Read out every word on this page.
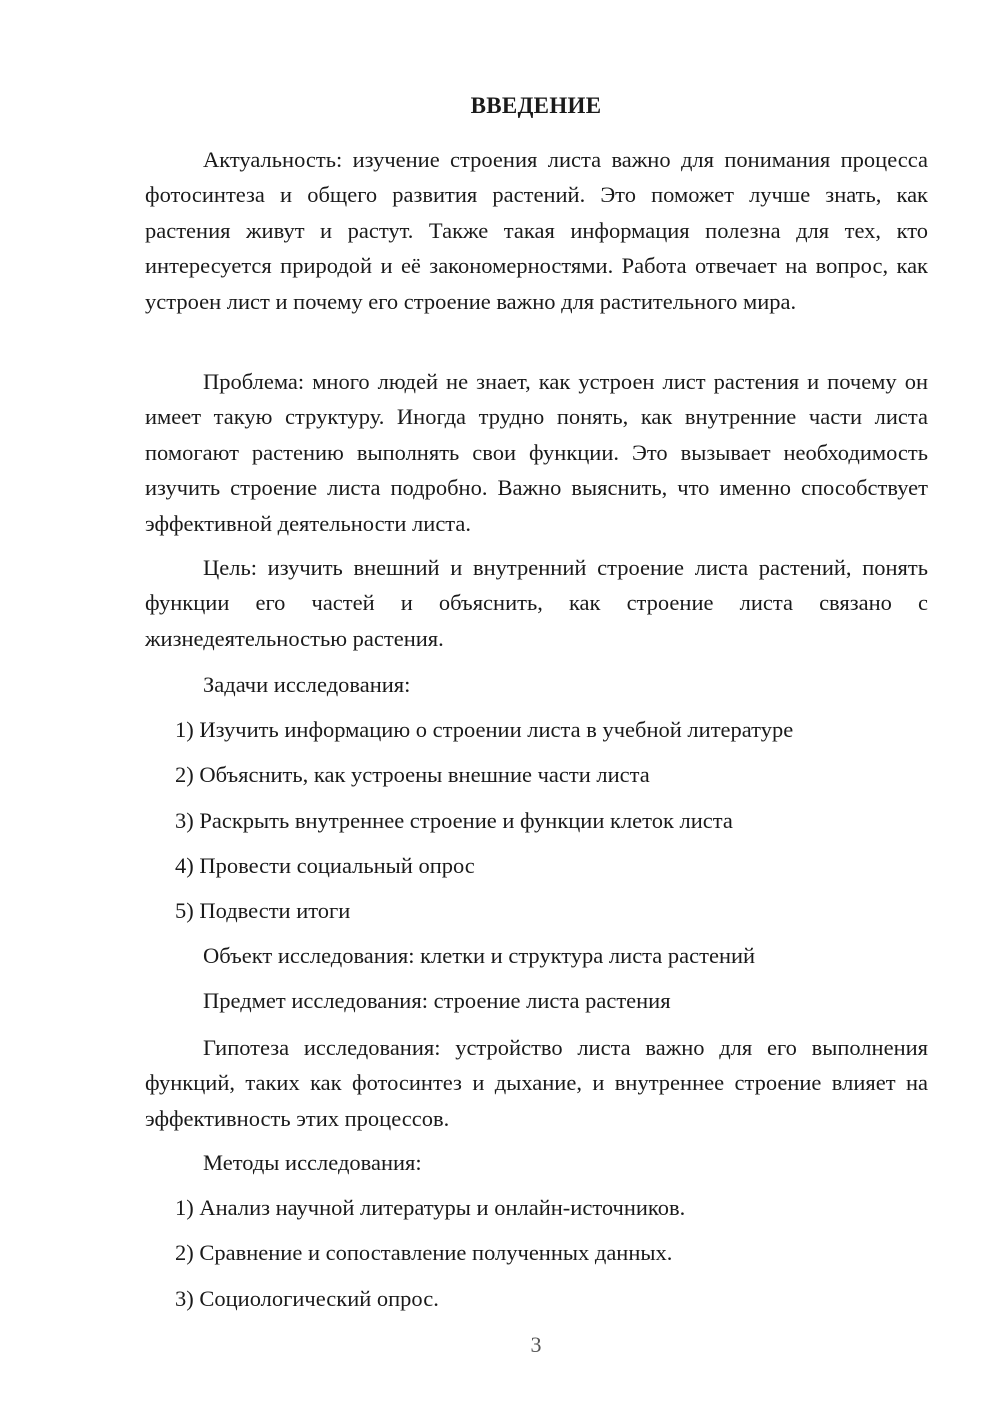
ВВЕДЕНИЕ
Актуальность: изучение строения листа важно для понимания процесса фотосинтеза и общего развития растений. Это поможет лучше знать, как растения живут и растут. Также такая информация полезна для тех, кто интересуется природой и её закономерностями. Работа отвечает на вопрос, как устроен лист и почему его строение важно для растительного мира.
Проблема: много людей не знает, как устроен лист растения и почему он имеет такую структуру. Иногда трудно понять, как внутренние части листа помогают растению выполнять свои функции. Это вызывает необходимость изучить строение листа подробно. Важно выяснить, что именно способствует эффективной деятельности листа.
Цель: изучить внешний и внутренний строение листа растений, понять функции его частей и объяснить, как строение листа связано с жизнедеятельностью растения.
Задачи исследования:
1) Изучить информацию о строении листа в учебной литературе
2) Объяснить, как устроены внешние части листа
3) Раскрыть внутреннее строение и функции клеток листа
4) Провести социальный опрос
5) Подвести итоги
Объект исследования: клетки и структура листа растений
Предмет исследования: строение листа растения
Гипотеза исследования: устройство листа важно для его выполнения функций, таких как фотосинтез и дыхание, и внутреннее строение влияет на эффективность этих процессов.
Методы исследования:
1) Анализ научной литературы и онлайн-источников.
2) Сравнение и сопоставление полученных данных.
3) Социологический опрос.
3
